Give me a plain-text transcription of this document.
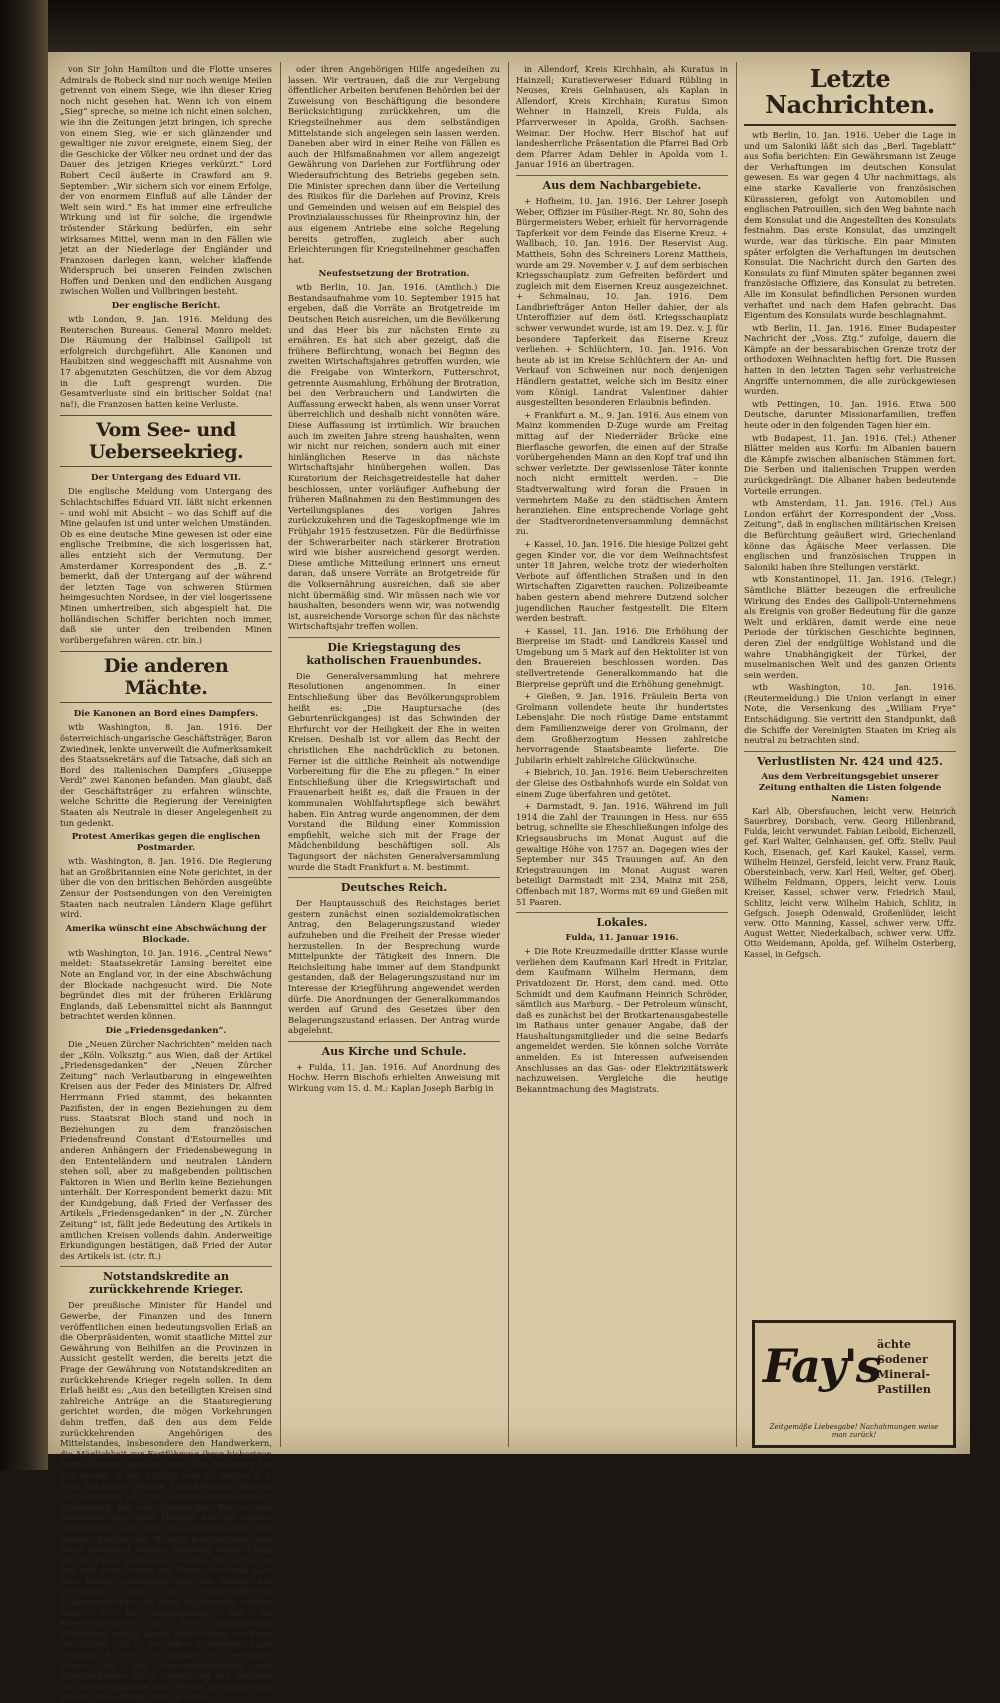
von Sir John Hamilton und die Flotte unseres Admirals de Robeck sind nur noch wenige Meilen getrennt von einem Siege, wie ihn dieser Krieg noch nicht gesehen hat. Wenn ich von einem „Sieg“ spreche, so meine ich nicht einen solchen, wie ihn die Zeitungen jetzt bringen, ich spreche von einem Sieg, wie er sich glänzender und gewaltiger nie zuvor ereignete, einem Sieg, der die Geschicke der Völker neu ordnet und der das Dauer des jetzigen Krieges verkürzt.“ Lord Robert Cecil äußerte in Crawford am 9. September: „Wir sichern sich vor einem Erfolge, der von enormem Einfluß auf alle Länder der Welt sein wird.“ Es hat immer eine erfreuliche Wirkung und ist für solche, die irgendwie tröstender Stärkung bedürfen, ein sehr wirksames Mittel, wenn man in den Fällen wie jetzt an der Niederlage der Engländer und Franzosen darlegen kann, welcher klaffende Widerspruch bei unseren Feinden zwischen Hoffen und Denken und den endlichen Ausgang zwischen Wollen und Vollbringen besteht.

Der englische Bericht.

wtb London, 9. Jan. 1916. Meldung des Reuterschen Bureaus. General Monro meldet: Die Räumung der Halbinsel Gallipoli ist erfolgreich durchgeführt. Alle Kanonen und Haubitzen sind weggeschafft mit Ausnahme von 17 abgenutzten Geschützen, die vor dem Abzug in die Luft gesprengt wurden. Die Gesamtverluste sind ein britischer Soldat (na! na!), die Franzosen hatten keine Verluste.

Vom See- und Ueberseekrieg.
Der Untergang des Eduard VII.

Die englische Meldung vom Untergang des Schlachtschiffes Eduard VII. läßt nicht erkennen – und wohl mit Absicht – wo das Schiff auf die Mine gelaufen ist und unter welchen Umständen. Ob es eine deutsche Mine gewesen ist oder eine englische Treibmine, die sich losgerissen hat, alles entzieht sich der Vermutung. Der Amsterdamer Korrespondent des „B. Z.“ bemerkt, daß der Untergang auf der während der letzten Tage von schweren Stürmen heimgesuchten Nordsee, in der viel losgerissene Minen umhertreiben, sich abgespielt hat. Die holländischen Schiffer berichten noch immer, daß sie unter den treibenden Minen vorübergefahren wären. ctr. bin.)

Die anderen Mächte.
Die Kanonen an Bord eines Dampfers.

wtb Washington, 8. Jan. 1916. Der österreichisch-ungarische Geschäftsträger, Baron Zwiedinek, lenkte unverweilt die Aufmerksamkeit des Staatssekretärs auf die Tatsache, daß sich an Bord des italienischen Dampfers „Giuseppe Verdi“ zwei Kanonen befanden. Man glaubt, daß der Geschäftsträger zu erfahren wünschte, welche Schritte die Regierung der Vereinigten Staaten als Neutrale in dieser Angelegenheit zu tun gedenkt.

Protest Amerikas gegen die englischen Postmarder.

wtb. Washington, 8. Jan. 1916. Die Regierung hat an Großbritannien eine Note gerichtet, in der über die von den britischen Behörden ausgeübte Zensur der Postsendungen von den Vereinigten Staaten nach neutralen Ländern Klage geführt wird.

Amerika wünscht eine Abschwächung der Blockade.

wtb Washington, 10. Jan. 1916. „Central News“ meldet: Staatssekretär Lansing bereitet eine Note an England vor, in der eine Abschwächung der Blockade nachgesucht wird. Die Note begründet dies mit der früheren Erklärung Englands, daß Lebensmittel nicht als Bannngut betrachtet werden können.

Die „Friedensgedanken“.

Die „Neuen Zürcher Nachrichten“ melden nach der „Köln. Volksztg.“ aus Wien, daß der Artikel „Friedensgedanken“ der „Neuen Zürcher Zeitung“ nach Verlautbarung in eingeweihten Kreisen aus der Feder des Ministers Dr. Alfred Herrmann Fried stammt, des bekannten Pazifisten, der in engen Beziehungen zu dem russ. Staatsrat Bloch stand und noch in Beziehungen zu dem französischen Friedensfreund Constant d'Estournelles und anderen Anhängern der Friedensbewegung in den Ententeländern und neutralen Ländern stehen soll, aber zu maßgebenden politischen Faktoren in Wien und Berlin keine Beziehungen unterhält. Der Korrespondent bemerkt dazu: Mit der Kundgebung, daß Fried der Verfasser des Artikels „Friedensgedanken“ in der „N. Zürcher Zeitung“ ist, fällt jede Bedeutung des Artikels in amtlichen Kreisen vollends dahin. Anderweitige Erkundigungen bestätigen, daß Fried der Autor des Artikels ist. (ctr. ft.)

Notstandskredite an zurückkehrende Krieger.

Der preußische Minister für Handel und Gewerbe, der Finanzen und des Innern veröffentlichen einen bedeutungsvollen Erlaß an die Oberpräsidenten, womit staatliche Mittel zur Gewährung von Beihilfen an die Provinzen in Aussicht gestellt werden, die bereits jetzt die Frage der Gewährung von Notstandskrediten an zurückkehrende Krieger regeln sollen. In dem Erlaß heißt es: „Aus den beteiligten Kreisen sind zahlreiche Anträge an die Staatsregierung gerichtet worden, die mögen Vorkehrungen dahin treffen, daß den aus dem Felde zurückkehrenden Angehörigen des Mittelstandes, insbesondere den Handwerkern, die Möglichkeit zur Fortführung ihrer bisherigen Berufstätigkeit gegeben wird. Die Reichstag hat sich bereits in der Sitzung vom 25. August d. J. dem Reichstag gefaßte Entschließung. Endlich ist neuerdings auch der Generalfeldmarschall v. Hindenburg bei den zuständigen Reichs- und Staatsbehörden unter Hinweis auf das ebenso Pflichtgefühl und den unerschütterlichen Mut unserer Krieger den Wunsch kundgegeben, daß durch möglichst baldige Regelung dieser Frage den im Felde stehenden Soldaten die Sorge um ihre und ihrer Frauen und Kinder Schicksal nach dem Kriege genommen und die Gefahr der Verarmung und des wirtschaftlichen Zusammenbruchs von ihnen abgewendet werden möge. Es ist anzuerkennen, daß die Kriegsteilnehmer aus dem selbständigen Mittelstand infolge langer Abwesenheit von ihren Geschäften sich in besonders schwieriger Lage befinden. Es wird die Aufgabe der beteiligten Kreise sein, den Gewerbetreibenden und Kleinkaufleuten durch Gewährung von Krediten die Wiederaufnahme ihrer Berufe zu ermöglichen und auf diese Weise Hilfe zu leisten.

oder ihren Angehörigen Hilfe angedeihen zu lassen. Wir vertrauen, daß die zur Vergebung öffentlicher Arbeiten berufenen Behörden bei der Zuweisung von Beschäftigung die besondere Berücksichtigung zurückkehren, um die Kriegsteilnehmer aus dem selbständigen Mittelstande sich angelegen sein lassen werden. Daneben aber wird in einer Reihe von Fällen es auch der Hilfsmaßnahmen vor allem angezeigt Gewährung von Darlehen zur Fortführung oder Wiederaufrichtung des Betriebs gegeben sein. Die Minister sprechen dann über die Verteilung des Risikos für die Darlehen auf Provinz, Kreis und Gemeinden und weisen auf ein Beispiel des Provinzialausschusses für Rheinprovinz hin, der aus eigenem Antriebe eine solche Regelung bereits getroffen, zugleich aber auch Erleichterungen für Kriegsteilnehmer geschaffen hat.

Neufestsetzung der Brotration.

wtb Berlin, 10. Jan. 1916. (Amtlich.) Die Bestandsaufnahme vom 10. September 1915 hat ergeben, daß die Vorräte an Brotgetreide im Deutschen Reich ausreichen, um die Bevölkerung und das Heer bis zur nächsten Ernte zu ernähren. Es hat sich aber gezeigt, daß die frühere Befürchtung, wonach bei Beginn des zweiten Wirtschaftsjahres getroffen wurden, wie die Freigabe von Winterkorn, Futterschrot, getrennte Ausmahlung, Erhöhung der Brotration, bei den Verbrauchern und Landwirten die Auffassung erweckt haben, als wenn unser Vorrat überreichlich und deshalb nicht vonnöten wäre. Diese Auffassung ist irrtümlich. Wir brauchen auch im zweiten Jahre streng haushalten, wenn wir nicht nur reichen, sondern auch mit einer hinlänglichen Reserve in das nächste Wirtschaftsjahr hinübergehen wollen. Das Kuratorium der Reichsgetreidestelle hat daher beschlossen, unter vorläufiger Aufhebung der früheren Maßnahmen zu den Bestimmungen des Verteilungsplanes des vorigen Jahres zurückzukehren und die Tageskopfmenge wie im Frühjahr 1915 festzusetzen. Für die Bedürfnisse der Schwerarbeiter nach stärkerer Brotration wird wie bisher ausreichend gesorgt werden. Diese amtliche Mitteilung erinnert uns erneut daran, daß unsere Vorräte an Brotgetreide für die Volksernährung ausreichen, daß sie aber nicht übermäßig sind. Wir müssen nach wie vor haushalten, besonders wenn wir, was notwendig ist, ausreichende Vorsorge schon für das nächste Wirtschaftsjahr treffen wollen.

Die Kriegstagung des katholischen Frauenbundes.

Die Generalversammlung hat mehrere Resolutionen angenommen. In einer Entschließung über das Bevölkerungsproblem heißt es: „Die Hauptursache (des Geburtenrückganges) ist das Schwinden der Ehrfurcht vor der Heiligkeit der Ehe in weiten Kreisen. Deshalb ist vor allem das Recht der christlichen Ehe nachdrücklich zu betonen. Ferner ist die sittliche Reinheit als notwendige Vorbereitung für die Ehe zu pflegen.“ In einer Entschließung über die Kriegswirtschaft und Frauenarbeit heißt es, daß die Frauen in der kommunalen Wohlfahrtspflege sich bewährt haben. Ein Antrag wurde angenommen, der dem Vorstand die Bildung einer Kommission empfiehlt, welche sich mit der Frage der Mädchenbildung beschäftigen soll. Als Tagungsort der nächsten Generalversammlung wurde die Stadt Frankfurt a. M. bestimmt.

Deutsches Reich.

Der Hauptausschuß des Reichstages beriet gestern zunächst einen sozialdemokratischen Antrag, den Belagerungszustand wieder aufzuheben und die Freiheit der Presse wieder herzustellen. In der Besprechung wurde Mittelpunkte der Tätigkeit des Innern. Die Reichsleitung habe immer auf dem Standpunkt gestanden, daß der Belagerungszustand nur im Interesse der Kriegführung angewendet werden dürfe. Die Anordnungen der Generalkommandos werden auf Grund des Gesetzes über den Belagerungszustand erlassen. Der Antrag wurde abgelehnt.

Aus Kirche und Schule.

+ Fulda, 11. Jan. 1916. Auf Anordnung des Hochw. Herrn Bischofs erhielten Anweisung mit Wirkung vom 15. d. M.: Kaplan Joseph Barbig in

in Allendorf, Kreis Kirchhain, als Kuratus in Hainzell; Kuratieverweser Eduard Rübling in Neuses, Kreis Gelnhausen, als Kaplan in Allendorf, Kreis Kirchhain; Kuratus Simon Wehner in Hainzell, Kreis Fulda, als Pfarrverweser in Apolda, Großh. Sachsen-Weimar. Der Hochw. Herr Bischof hat auf landesherrliche Präsentation die Pfarrei Bad Orb dem Pfarrer Adam Dehler in Apolda vom 1. Januar 1916 an übertragen.

Aus dem Nachbargebiete.

+ Hofheim, 10. Jan. 1916. Der Lehrer Joseph Weber, Offizier im Füsilier-Regt. Nr. 80, Sohn des Bürgermeisters Weber, erhielt für hervorragende Tapferkeit vor dem Feinde das Eiserne Kreuz. + Wallbach, 10. Jan. 1916. Der Reservist Aug. Mattheis, Sohn des Schreiners Lorenz Mattheis, wurde am 29. November v. J. auf dem serbischen Kriegsschauplatz zum Gefreiten befördert und zugleich mit dem Eisernen Kreuz ausgezeichnet. + Schmalnau, 10. Jan. 1916. Dem Landbriefträger Anton Heller dahier, der als Unteroffizier auf dem östl. Kriegsschauplatz schwer verwundet wurde, ist am 19. Dez. v. J. für besondere Tapferkeit das Eiserne Kreuz verliehen. + Schlüchtern, 10. Jan. 1916. Von heute ab ist im Kreise Schlüchtern der An- und Verkauf von Schweinen nur noch denjenigen Händlern gestattet, welche sich im Besitz einer vom Königl. Landrat Valentiner dahier ausgestellten besonderen Erlaubnis befinden.

+ Frankfurt a. M., 9. Jan. 1916. Aus einem von Mainz kommenden D-Zuge wurde am Freitag mittag auf der Niederräder Brücke eine Bierflasche geworfen, die einen auf der Straße vorübergehenden Mann an den Kopf traf und ihn schwer verletzte. Der gewissenlose Täter konnte noch nicht ermittelt werden. – Die Stadtverwaltung wird foran die Frauen in vermehrtem Maße zu den städtischen Ämtern heranziehen. Eine entsprechende Vorlage geht der Stadtverordnetenversammlung demnächst zu.

+ Kassel, 10. Jan. 1916. Die hiesige Polizei geht gegen Kinder vor, die vor dem Weihnachtsfest unter 18 Jahren, welche trotz der wiederholten Verbote auf öffentlichen Straßen und in den Wirtschaften Zigaretten rauchen. Polizeibeamte haben gestern abend mehrere Dutzend solcher jugendlichen Raucher festgestellt. Die Eltern werden bestraft.

+ Kassel, 11. Jan. 1916. Die Erhöhung der Bierpreise im Stadt- und Landkreis Kassel und Umgebung um 5 Mark auf den Hektoliter ist von den Brauereien beschlossen worden. Das stellvertretende Generalkommando hat die Bierpreise geprüft und die Erhöhung genehmigt.

+ Gießen, 9. Jan. 1916. Fräulein Berta von Grolmann vollendete heute ihr hundertstes Lebensjahr. Die noch rüstige Dame entstammt dem Familienzweige derer von Grolmann, der dem Großherzogtum Hessen zahlreiche hervorragende Staatsbeamte lieferte. Die Jubilarin erhielt zahlreiche Glückwünsche.

+ Biebrich, 10. Jan. 1916. Beim Ueberschreiten der Gleise des Ostbahnhofs wurde ein Soldat von einem Zuge überfahren und getötet.

+ Darmstadt, 9. Jan. 1916. Während im Juli 1914 die Zahl der Trauungen in Hess. nur 655 betrug, schnellte sie Eheschließungen infolge des Kriegsausbruchs im Monat August auf die gewaltige Höhe von 1757 an. Dagegen wies der September nur 345 Trauungen auf. An den Kriegstrauungen im Monat August waren beteiligt Darmstadt mit 234, Mainz mit 258, Offenbach mit 187, Worms mit 69 und Gießen mit 51 Paaren.

Lokales.
Fulda, 11. Januar 1916.

+ Die Rote Kreuzmedaille dritter Klasse wurde verliehen dem Kaufmann Karl Hredt in Fritzlar, dem Kaufmann Wilhelm Hermann, dem Privatdozent Dr. Horst, dem cand. med. Otto Schmidt und dem Kaufmann Heinrich Schröder, sämtlich aus Marburg. – Der Petroleum wünscht, daß es zunächst bei der Brotkartenausgabestelle im Rathaus unter genauer Angabe, daß der Haushaltungsmitglieder und die seine Bedarfs angemeldet werden. Sie können solche Vorräte anmelden. Es ist Interessen aufweisenden Anschlusses an das Gas- oder Elektrizitätswerk nachzuweisen. Vergleiche die heutige Bekanntmachung des Magistrats.

Letzte Nachrichten.

wtb Berlin, 10. Jan. 1916. Ueber die Lage in und um Saloniki läßt sich das „Berl. Tageblatt“ aus Sofia berichten: Ein Gewährsmann ist Zeuge der Verhaftungen im deutschen Konsulat gewesen. Es war gegen 4 Uhr nachmittags, als eine starke Kavallerie von französischen Kürassieren, gefolgt von Automobilen und englischen Patrouillen, sich den Weg bahnte nach dem Konsulat und die Angestellten des Konsulats festnahm. Das erste Konsulat, das umzingelt wurde, war das türkische. Ein paar Minuten später erfolgten die Verhaftungen im deutschen Konsulat. Die Nachricht durch den Garten des Konsulats zu fünf Minuten später begannen zwei französische Offiziere, das Konsulat zu betreten. Alle im Konsulat befindlichen Personen wurden verhaftet und nach dem Hafen gebracht. Das Eigentum des Konsulats wurde beschlagnahmt.

wtb Berlin, 11. Jan. 1916. Einer Budapester Nachricht der „Voss. Ztg.“ zufolge, dauern die Kämpfe an der bessarabischen Grenze trotz der orthodoxen Weihnachten heftig fort. Die Russen hatten in den letzten Tagen sehr verlustreiche Angriffe unternommen, die alle zurückgewiesen wurden.

wtb Pettingen, 10. Jan. 1916. Etwa 500 Deutsche, darunter Missionarfamilien, treffen heute oder in den folgenden Tagen hier ein.

wtb Budapest, 11. Jan. 1916. (Tel.) Athener Blätter melden aus Korfu: Im Albanien bauern die Kämpfe zwischen albanischen Stämmen fort. Die Serben und italienischen Truppen werden zurückgedrängt. Die Albaner haben bedeutende Vorteile errungen.

wtb Amsterdam, 11. Jan. 1916. (Tel.) Aus London erfährt der Korrespondent der „Voss. Zeitung“, daß in englischen militärischen Kreisen die Befürchtung geäußert wird, Griechenland könne das Ägäische Meer verlassen. Die englischen und französischen Truppen in Saloniki haben ihre Stellungen verstärkt.

wtb Konstantinopel, 11. Jan. 1916. (Telegr.) Sämtliche Blätter bezeugen die erfreuliche Wirkung des Endes des Gallipoli-Unternehmens als Ereignis von großer Bedeutung für die ganze Welt und erklären, damit werde eine neue Periode der türkischen Geschichte beginnen, deren Ziel der endgültige Wohlstand und die wahre Unabhängigkeit der Türkei, der muselmanischen Welt und des ganzen Orients sein werden.

wtb Washington, 10. Jan. 1916. (Reutermeldung.) Die Union verlangt in einer Note, die Versenkung des „William Frye“ Entschädigung. Sie vertritt den Standpunkt, daß die Schiffe der Vereinigten Staaten im Krieg als neutral zu betrachten sind.

Verlustlisten Nr. 424 und 425.
Aus dem Verbreitungsgebiet unserer Zeitung enthalten die Listen folgende Namen:

Karl Alb, Obersfauchen, leicht verw. Heinrich Sauerbrey, Dorsbach, verw. Georg Hillenbrand, Fulda, leicht verwundet. Fabian Leibold, Eichenzell, gef. Karl Walter, Gelnhausen, gef. Offz. Stellv. Paul Koch, Eisenach, gef. Karl Kaukel, Kassel, verm. Wilhelm Heinzel, Gersfeld, leicht verw. Franz Rauk, Obersteinbach, verw. Karl Heil, Welter, gef. Oberj. Wilhelm Feldmann, Oppers, leicht verw. Louis Kreiser, Kassel, schwer verw. Friedrich Maul, Schlitz, leicht verw. Wilhelm Habich, Schlitz, in Gefgsch. Joseph Odenwald, Großenlüder, leicht verw. Otto Manning, Kassel, schwer verw. Uffz. August Wetter, Niederkalbach, schwer verw. Uffz. Otto Weidemann, Apolda, gef. Wilhelm Osterberg, Kassel, in Gefgsch.

Fay's
ächte
Sodener
Mineral-
Pastillen
Zeitgemäße Liebesgabe! Nachahmungen weise man zurück!
